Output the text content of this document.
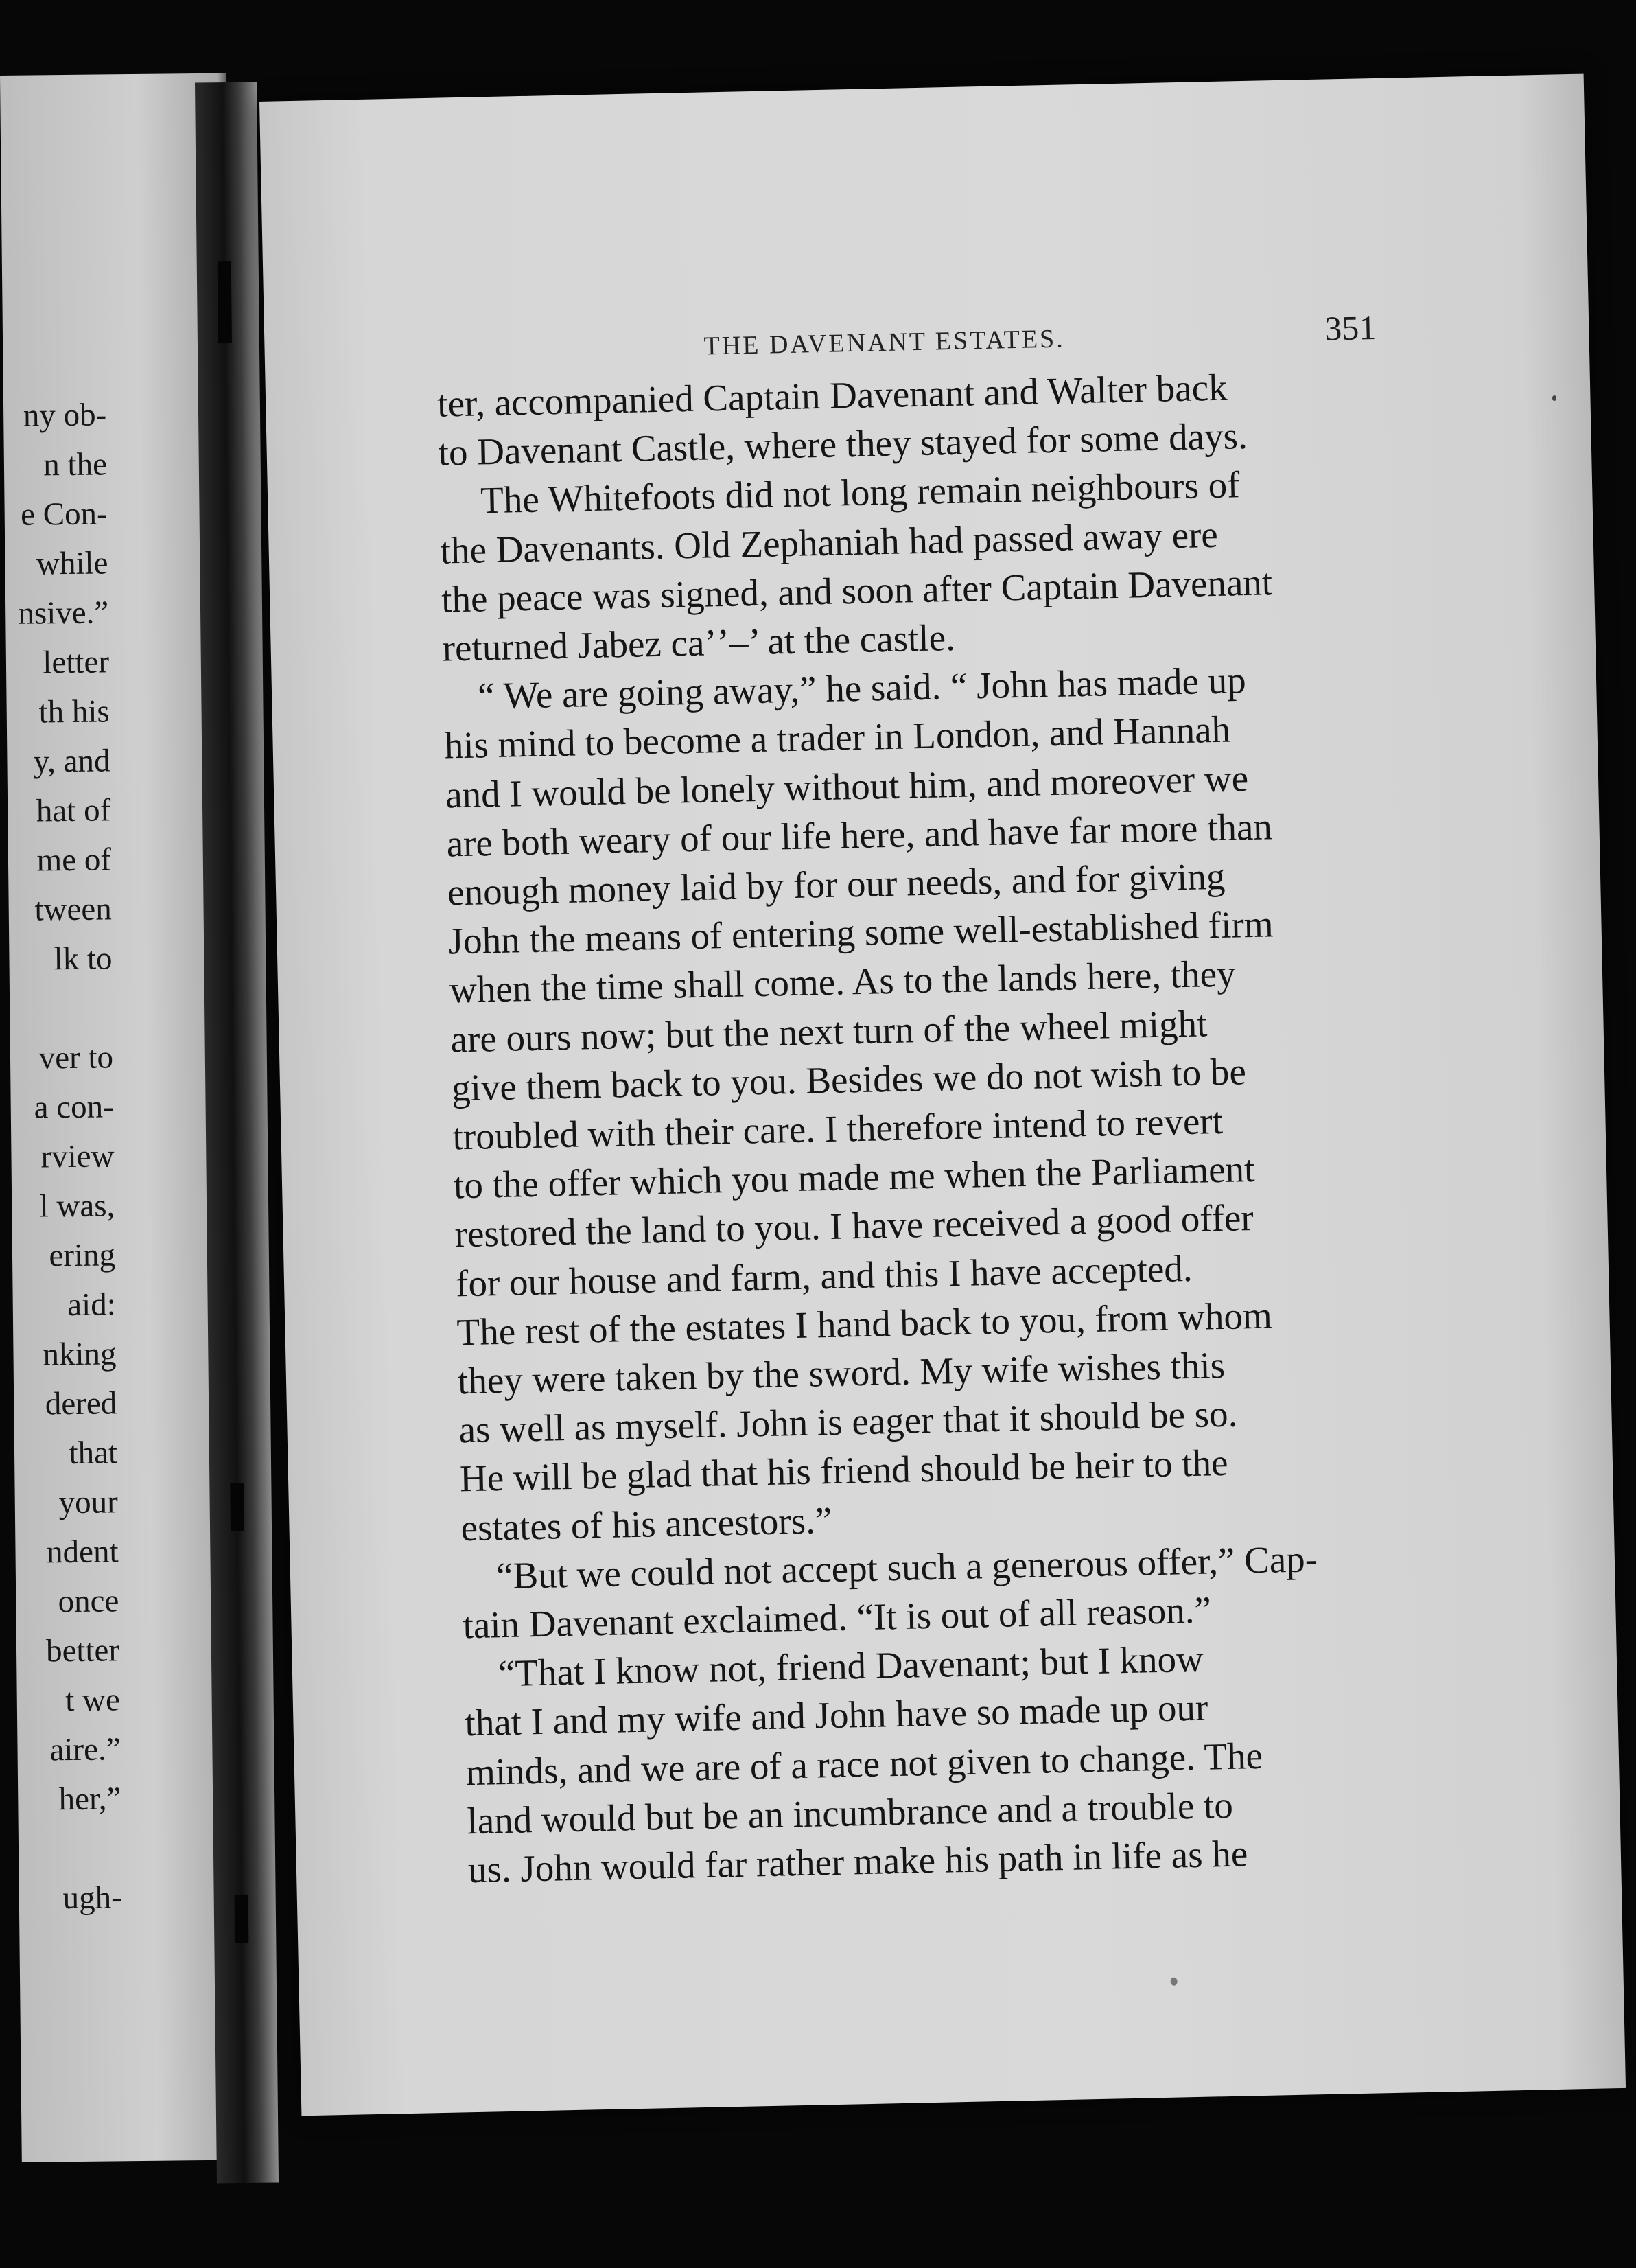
ny ob-
n the
e Con-
while
nsive.”
letter
th his
y, and
hat of
me of
tween
lk to
ver to
a con-
rview
l was,
ering
aid:
nking
dered
that
your
ndent
once
better
t we
aire.”
her,”
ugh-
THE DAVENANT ESTATES.	351
ter, accompanied Captain Davenant and Walter back
to Davenant Castle, where they stayed for some days.
The Whitefoots did not long remain neighbours of
the Davenants. Old Zephaniah had passed away ere
the peace was signed, and soon after Captain Davenant
returned Jabez caʼʼ–’ at the castle.
“ We are going away,” he said. “ John has made up
his mind to become a trader in London, and Hannah
and I would be lonely without him, and moreover we
are both weary of our life here, and have far more than
enough money laid by for our needs, and for giving
John the means of entering some well-established firm
when the time shall come. As to the lands here, they
are ours now; but the next turn of the wheel might
give them back to you. Besides we do not wish to be
troubled with their care. I therefore intend to revert
to the offer which you made me when the Parliament
restored the land to you. I have received a good offer
for our house and farm, and this I have accepted.
The rest of the estates I hand back to you, from whom
they were taken by the sword. My wife wishes this
as well as myself. John is eager that it should be so.
He will be glad that his friend should be heir to the
estates of his ancestors.”
“But we could not accept such a generous offer,” Cap-
tain Davenant exclaimed. “It is out of all reason.”
“That I know not, friend Davenant; but I know
that I and my wife and John have so made up our
minds, and we are of a race not given to change. The
land would but be an incumbrance and a trouble to
us. John would far rather make his path in life as he
